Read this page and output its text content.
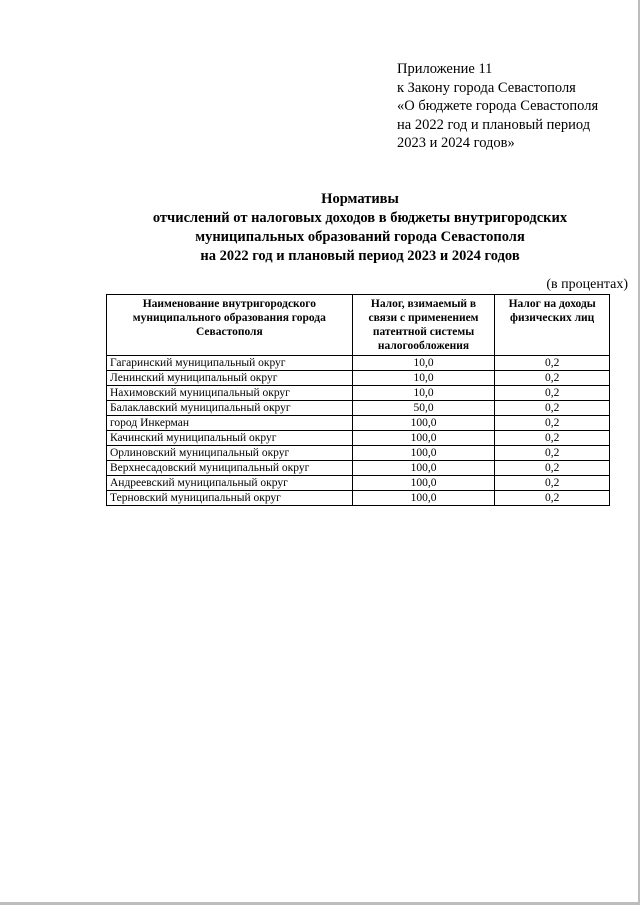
Приложение 11
к Закону города Севастополя
«О бюджете города Севастополя
на 2022 год и плановый период
2023 и 2024 годов»
Нормативы
отчислений от налоговых доходов в бюджеты внутригородских
муниципальных образований города Севастополя
на 2022 год и плановый период 2023 и 2024 годов
(в процентах)
Наименование внутригородского муниципального образования города Севастополя	Налог, взимаемый в связи с применением патентной системы налогообложения	Налог на доходы физических лиц
Гагаринский муниципальный округ	10,0	0,2
Ленинский муниципальный округ	10,0	0,2
Нахимовский муниципальный округ	10,0	0,2
Балаклавский муниципальный округ	50,0	0,2
город Инкерман	100,0	0,2
Качинский муниципальный округ	100,0	0,2
Орлиновский муниципальный округ	100,0	0,2
Верхнесадовский муниципальный округ	100,0	0,2
Андреевский муниципальный округ	100,0	0,2
Терновский муниципальный округ	100,0	0,2
